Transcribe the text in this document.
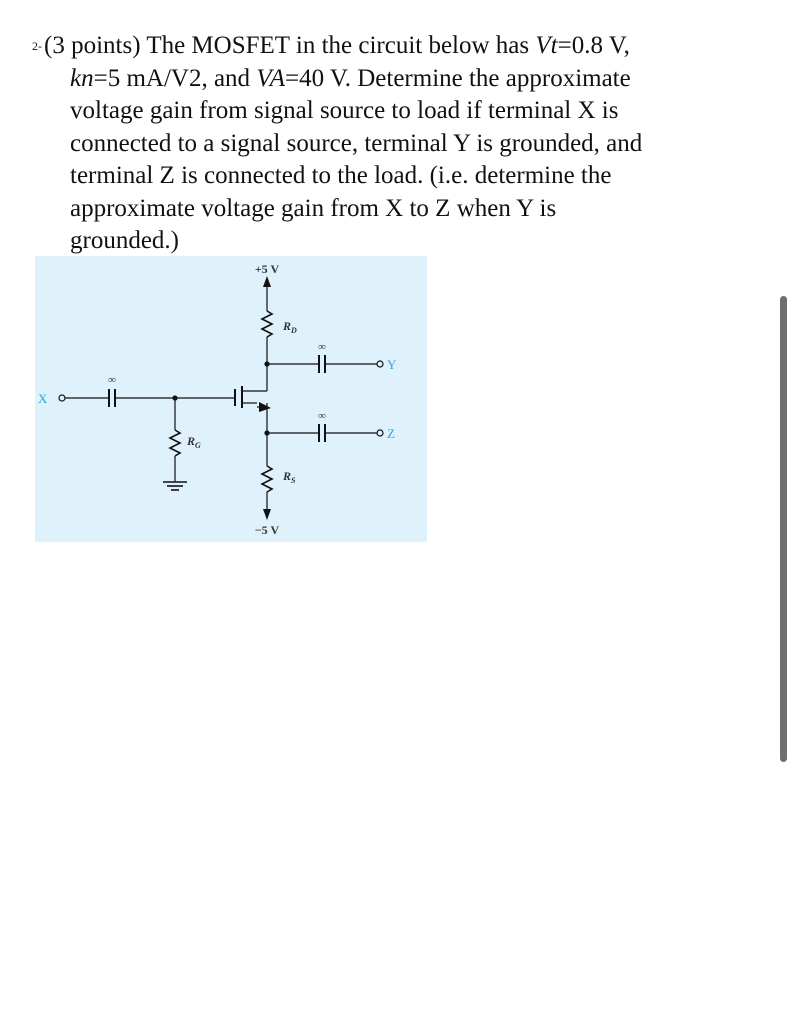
2-(3 points) The MOSFET in the circuit below has Vt=0.8 V,
kn=5 mA/V2, and VA=40 V. Determine the approximate
voltage gain from signal source to load if terminal X is
connected to a signal source, terminal Y is grounded, and
terminal Z is connected to the load. (i.e. determine the
approximate voltage gain from X to Z when Y is
grounded.)
+5 V
−5 V
$R_D$
$R_S$
$R_G$
∞
∞
∞
X
Y
Z
